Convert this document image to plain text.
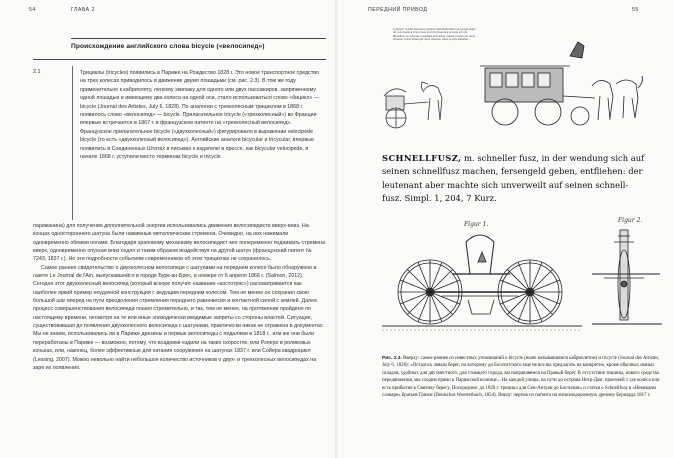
54	ГЛАВА 2
Происхождение английского слова bicycle («велосипед»)
2.1	Трициклы (tricycles) появились в Париже на Рождество 1828 г. Это новое транспортное средство на трех колесах приводилось в движение двумя лошадьми (см. рис. 2.3). В том же году применительно к кабриолету, легкому экипажу для одного или двух пассажиров, запряженному одной лошадью и имеющему два колеса на одной оси, стало использоваться слово «бицикл» — bicycle (Journal des Artistes, July 6, 1828). По аналогии с трехколесным трициклом в 1868 г. появилось слово «велосипед» — bicycle. Прилагательное tricycle («трехколесный») во Франции впервые встречается в 1867 г. в французском патенте на «трехколесный велосипед». Французское прилагательное bicycle («двухколесный») фигурировало в выражении velocipède bicycle (то есть «двухколесный велосипед»). Английские аналоги bicycular и tricycular, впервые появились в Соединенных Штатах в письмах к издателю в прессе, как bicycular velocipede, в начале 1868 г. уступили место терминам bicycle и tricycle.

парижанина) для получения дополнительной энергии использовались движения велосипедиста вверх-вниз. На концах одностороннего шатуна были нажимные металлические стремена. Очевидно, на них нажимали одновременно обеими ногами. Благодаря храповому механизму велосипедист мог попеременно поднимать стремена вверх, одновременно опуская вниз седло и таким образом воздействуя на другой шатун (французский патент № 7243, 1837 г.). Но эти подробности событиям современников об этих трициклах не сохранилось.

Самое раннее свидетельство о двухколесном велосипеде с шатунами на переднем колесе было обнаружено в газете Le Journal de l'Ain, выпускавшейся в городе Бурк-ан-Брес, в номере от 6 апреля 1866 г. (Salmon, 2012). Сегодня этот двухколесный велосипед (который вскоре получит название «костотряс») рассматривается как наиболее яркий пример неудачной конструкции с ведущим передним колесом. Тем не менее он сохранил свою большой шаг вперед на пути преодоления стремления переднего равновесия и контактной силой с землей. Далее процесс совершенствования велосипеда пошел стремительно, и так, тем не менее, на протяжении пройдено по настоящему времени, несмотря на те или иные эпизодически вводимые запреты со стороны властей. Ситуация, существовавшая до появления двухколесного велосипеда с шатунами, практически никак не отражена в документах. Мы не знаем, использовались ли в Париже дрезины и первые велосипеды с педалями в 1818 г., или же они были переработаны в Париже — возможно, потому, что всадники ездили на таких скоростях, или Рэперо в роликовых коньках, или, наконец, более эффективные для катания сооружения на шатунах 1837 г. или Сойера квадроцикл (Lessing, 2007). Можно невольно найти небольшое количество источников о двух- и трехколесных велосипедах на заре их появления.

ПЕРЕДНИЙ ПРИВОД	55
Lolemert 'a était dans les journaux Amb-Rauh-Paris en nouvel engin dit velocipède à trois roues qui fut présenté à la foule lors du Réveillon. Le vehicule consistait en bonnes caisses posées sur deux vitesses, roues tirées par deux chevaux, dans le style Parisien ...
SCHNELLFUSZ, m. schneller fusz, in der wendung sich auf
seinen schnellfusz machen, fersengeld geben, entfliehen: der
leutenant aber machte sich unverweilt auf seinen schnell-
fusz. Simpl. 1, 204, 7 Kurz.
Figur 1.
Figur 2.
Рис. 2.3. Вверху: самое раннее из известных упоминаний о bicycle (ныне называвшемся кабриолетом) и tricycle (Journal des Artistes, July 6, 1828): «Осталось левым берег, по которому до Богатитского еще не все вы предлагать на конкретно, кроме обычных имных складов, удобных для двухместного, для стоящего города, вы направляемся на Правый берег. В отсутствие тишины, нового средства передвижения, мы сходим прямо к Парижской вознице... На каждой улицы, на пути до острова Нотр-Дам, проезжей 1 где колёса или есть прибытие к Святому берегу. Посередине: до 1828 г. трицикл для Сен-Антуан до Бастилии» и статья о Schnellfusz в «Немецком словаре» братьев Гримм (Deutsches Woerterbuch, 1854). Внизу: чертеж из патента на железнодорожную дрезину Бернарда 1817 г.
